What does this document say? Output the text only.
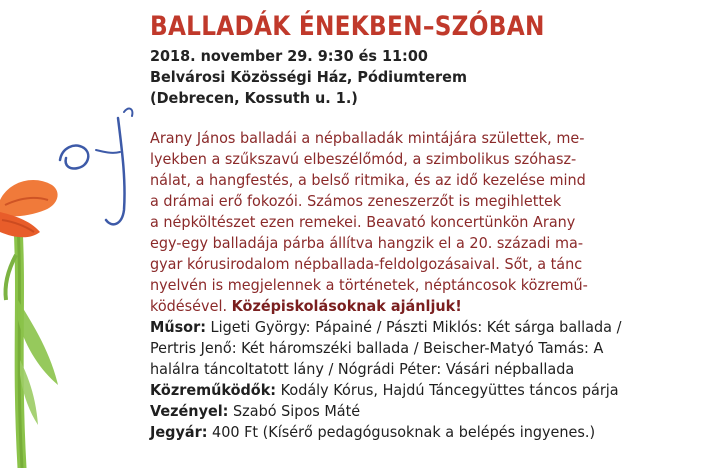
BALLADÁK ÉNEKBEN–SZÓBAN
2018. november 29. 9:30 és 11:00
Belvárosi Közösségi Ház, Pódiumterem
(Debrecen, Kossuth u. 1.)
Arany János balladái a népballadák mintájára születtek, me-
lyekben a szűkszavú elbeszélőmód, a szimbolikus szóhasz-
nálat, a hangfestés, a belső ritmika, és az idő kezelése mind
a drámai erő fokozói. Számos zeneszerzőt is megihlettek
a népköltészet ezen remekei. Beavató koncertünkön Arany
egy-egy balladája párba állítva hangzik el a 20. századi ma-
gyar kórusirodalom népballada-feldolgozásaival. Sőt, a tánc
nyelvén is megjelennek a történetek, néptáncosok közremű-
ködésével. Középiskolásoknak ajánljuk!
Műsor: Ligeti György: Pápainé / Pászti Miklós: Két sárga ballada /
Pertris Jenő: Két háromszéki ballada / Beischer-Matyó Tamás: A
halálra táncoltatott lány / Nógrádi Péter: Vásári népballada
Közreműködők: Kodály Kórus, Hajdú Táncegyüttes táncos párja
Vezényel: Szabó Sipos Máté
Jegyár: 400 Ft (Kísérő pedagógusoknak a belépés ingyenes.)
